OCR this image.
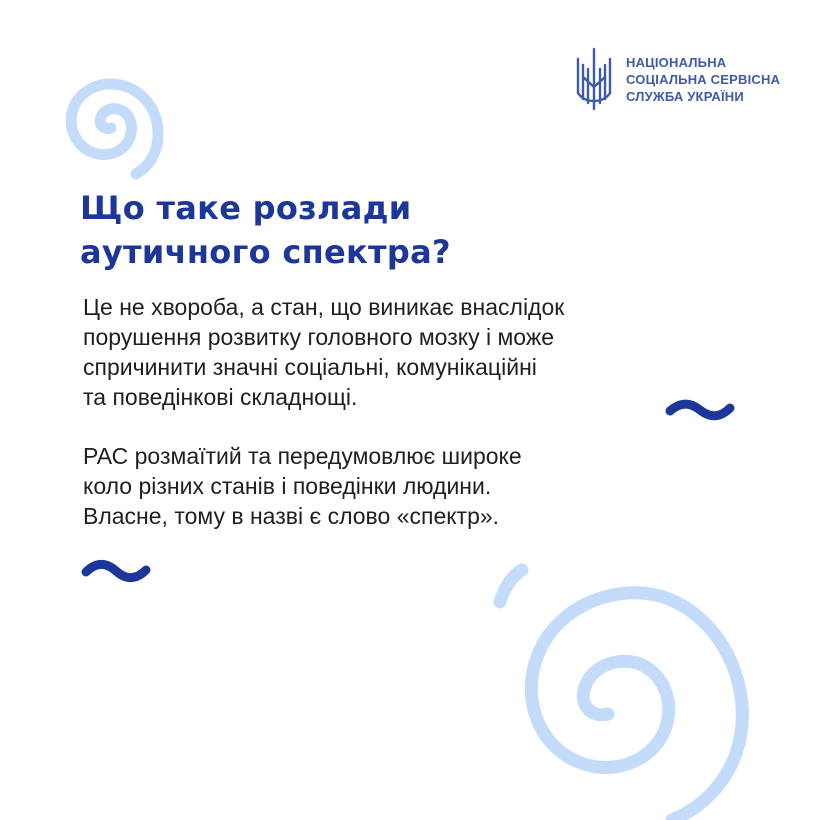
НАЦІОНАЛЬНА
СОЦІАЛЬНА СЕРВІСНА
СЛУЖБА УКРАЇНИ
Що таке розлади
аутичного спектра?

Це не хвороба, а стан, що виникає внаслідок
порушення розвитку головного мозку і може
спричинити значні соціальні, комунікаційні
та поведінкові складнощі.

РАС розмаїтий та передумовлює широке
коло різних станів і поведінки людини.
Власне, тому в назві є слово «спектр».
